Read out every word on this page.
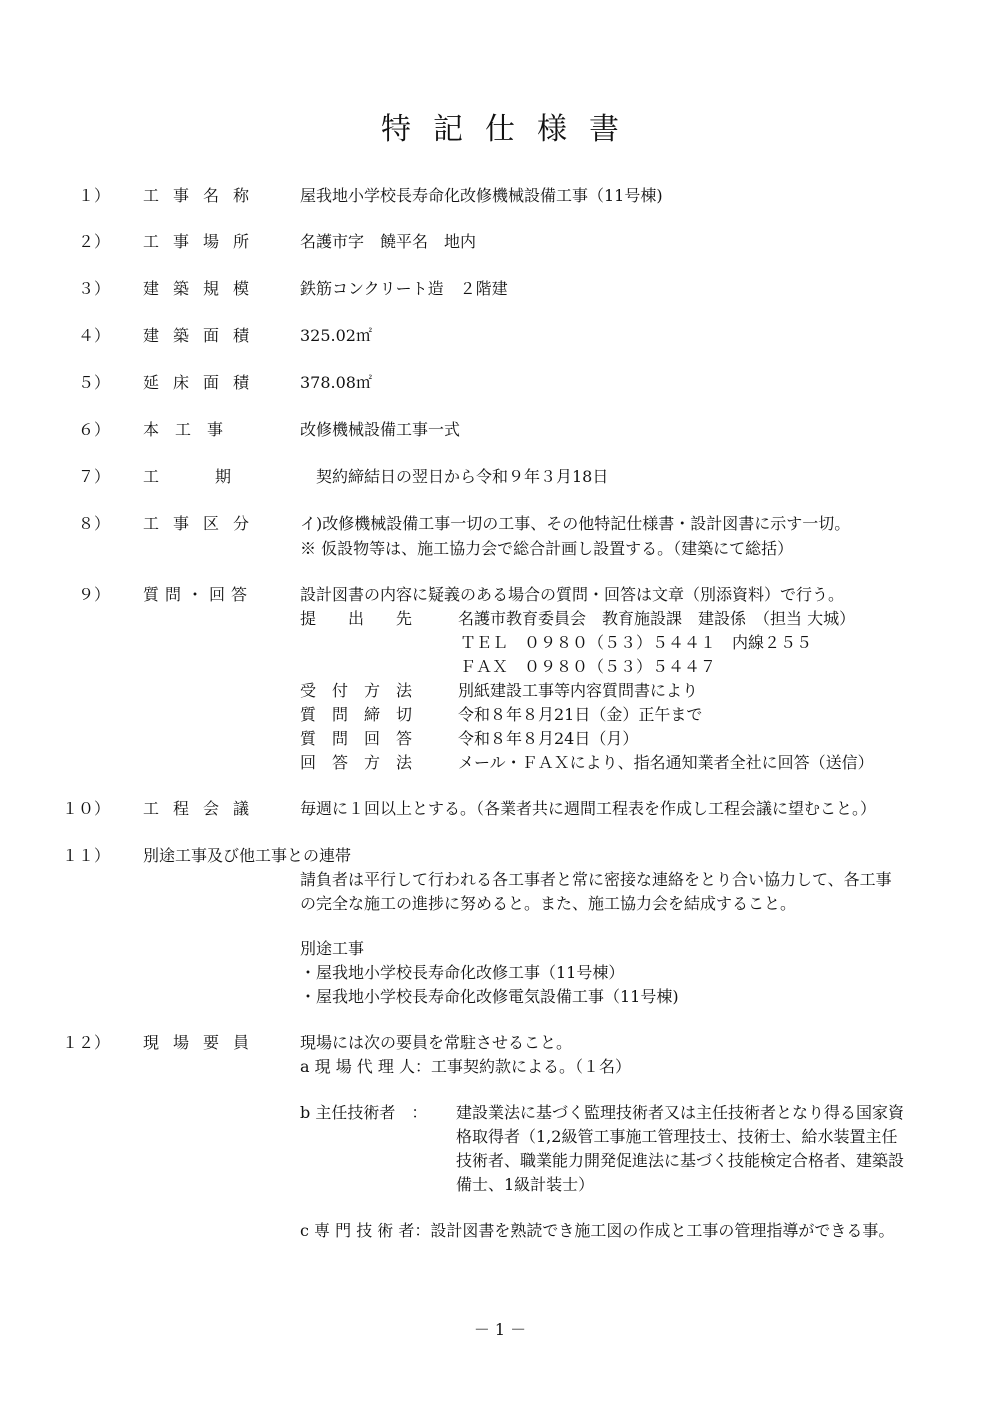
特記仕様書
１） 工事名称 屋我地小学校長寿命化改修機械設備工事（11号棟)
２） 工事場所 名護市字　饒平名　地内
３） 建築規模 鉄筋コンクリート造　２階建
４） 建築面積 325.02㎡
５） 延床面積 378.08㎡
６） 本　工　事	改修機械設備工事一式
７） 工　　期	　契約締結日の翌日から令和９年３月18日
８） 工事区分 イ)改修機械設備工事一切の工事、その他特記仕様書・設計図書に示す一切。
※ 仮設物等は、施工協力会で総合計画し設置する。（建築にて総括）
９） 質問・回答	設計図書の内容に疑義のある場合の質問・回答は文章（別添資料）で行う。
提　　出　　先	名護市教育委員会　教育施設課　建設係　（担当 大城）
ＴＥＬ　０９８０（５３）５４４１　内線２５５
ＦＡＸ　０９８０（５３）５４４７
受　付　方　法	別紙建設工事等内容質問書により
質　問　締　切	令和８年８月21日（金）正午まで
質　問　回　答	令和８年８月24日（月）
回　答　方　法	メール・ＦＡＸにより、指名通知業者全社に回答（送信）
１０） 工程会議 毎週に１回以上とする。（各業者共に週間工程表を作成し工程会議に望むこと。）
１１） 別途工事及び他工事との連帯
請負者は平行して行われる各工事者と常に密接な連絡をとり合い協力して、各工事
の完全な施工の進捗に努めると。また、施工協力会を結成すること。
別途工事
・屋我地小学校長寿命化改修工事（11号棟）
・屋我地小学校長寿命化改修電気設備工事（11号棟)
１２） 現場要員 現場には次の要員を常駐させること。
a 現 場 代 理 人：工事契約款による。（１名）
b 主任技術者　： 建設業法に基づく監理技術者又は主任技術者となり得る国家資
格取得者（1,2級管工事施工管理技士、技術士、給水装置主任
技術者、職業能力開発促進法に基づく技能検定合格者、建築設
備士、1級計装士）
c 専 門 技 術 者：設計図書を熟読でき施工図の作成と工事の管理指導ができる事。
－ 1 －
